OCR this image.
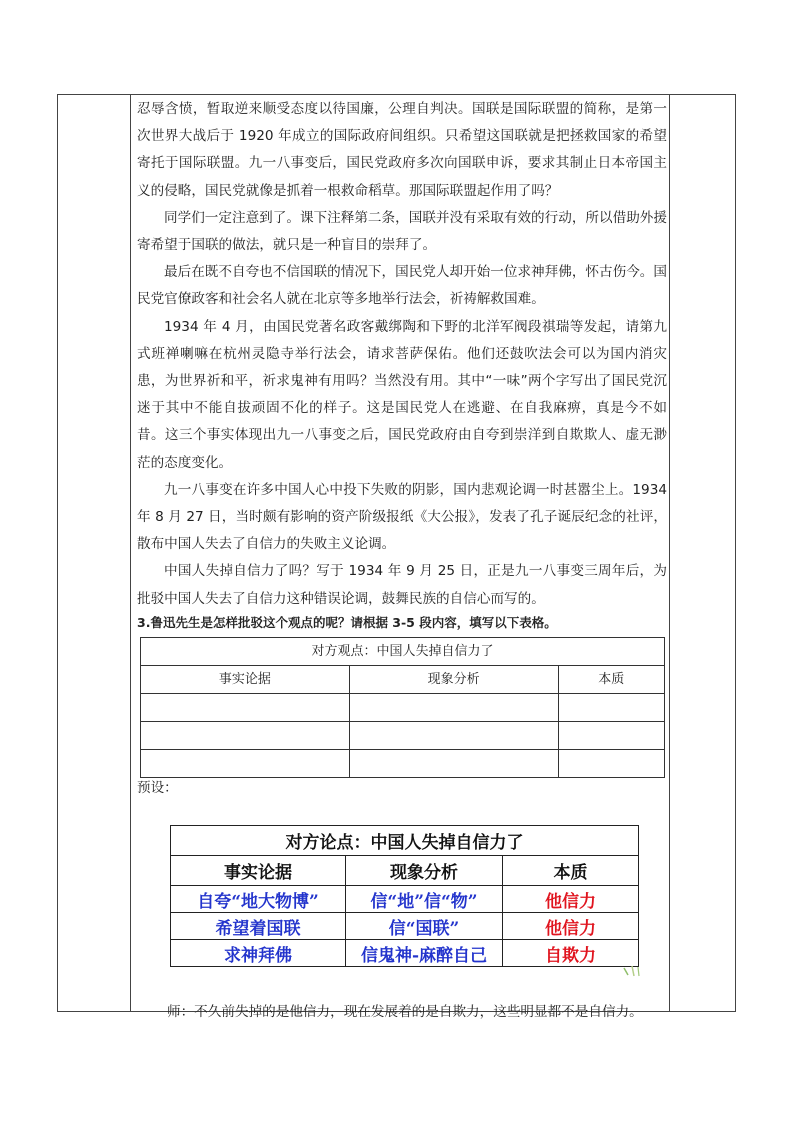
忍辱含愤，暂取逆来顺受态度以待国廉，公理自判决。国联是国际联盟的简称，是第一次世界大战后于 1920 年成立的国际政府间组织。只希望这国联就是把拯救国家的希望寄托于国际联盟。九一八事变后，国民党政府多次向国联申诉，要求其制止日本帝国主义的侵略，国民党就像是抓着一根救命稻草。那国际联盟起作用了吗？

同学们一定注意到了。课下注释第二条，国联并没有采取有效的行动，所以借助外援寄希望于国联的做法，就只是一种盲目的崇拜了。

最后在既不自夸也不信国联的情况下，国民党人却开始一位求神拜佛，怀古伤今。国民党官僚政客和社会名人就在北京等多地举行法会，祈祷解救国难。

1934 年 4 月，由国民党著名政客戴绑陶和下野的北洋军阀段祺瑞等发起，请第九式班禅喇嘛在杭州灵隐寺举行法会，请求菩萨保佑。他们还鼓吹法会可以为国内消灾患，为世界祈和平，祈求鬼神有用吗？当然没有用。其中“一味”两个字写出了国民党沉迷于其中不能自拔顽固不化的样子。这是国民党人在逃避、在自我麻痹，真是今不如昔。这三个事实体现出九一八事变之后，国民党政府由自夸到崇洋到自欺欺人、虚无渺茫的态度变化。

九一八事变在许多中国人心中投下失败的阴影，国内悲观论调一时甚嚣尘上。1934 年 8 月 27 日，当时颇有影响的资产阶级报纸《大公报》，发表了孔子诞辰纪念的社评，散布中国人失去了自信力的失败主义论调。

中国人失掉自信力了吗？写于 1934 年 9 月 25 日，正是九一八事变三周年后，为批驳中国人失去了自信力这种错误论调，鼓舞民族的自信心而写的。

3.鲁迅先生是怎样批驳这个观点的呢？请根据 3-5 段内容，填写以下表格。

对方观点：中国人失掉自信力了		
事实论据	现象分析	本质

预设：

对方论点：中国人失掉自信力了		
事实论据	现象分析	本质
自夸“地大物博”	信“地”信“物”	他信力
希望着国联	信“国联”	他信力
求神拜佛	信鬼神-麻醉自己	自欺力

师：不久前失掉的是他信力，现在发展着的是自欺力，这些明显都不是自信力。
